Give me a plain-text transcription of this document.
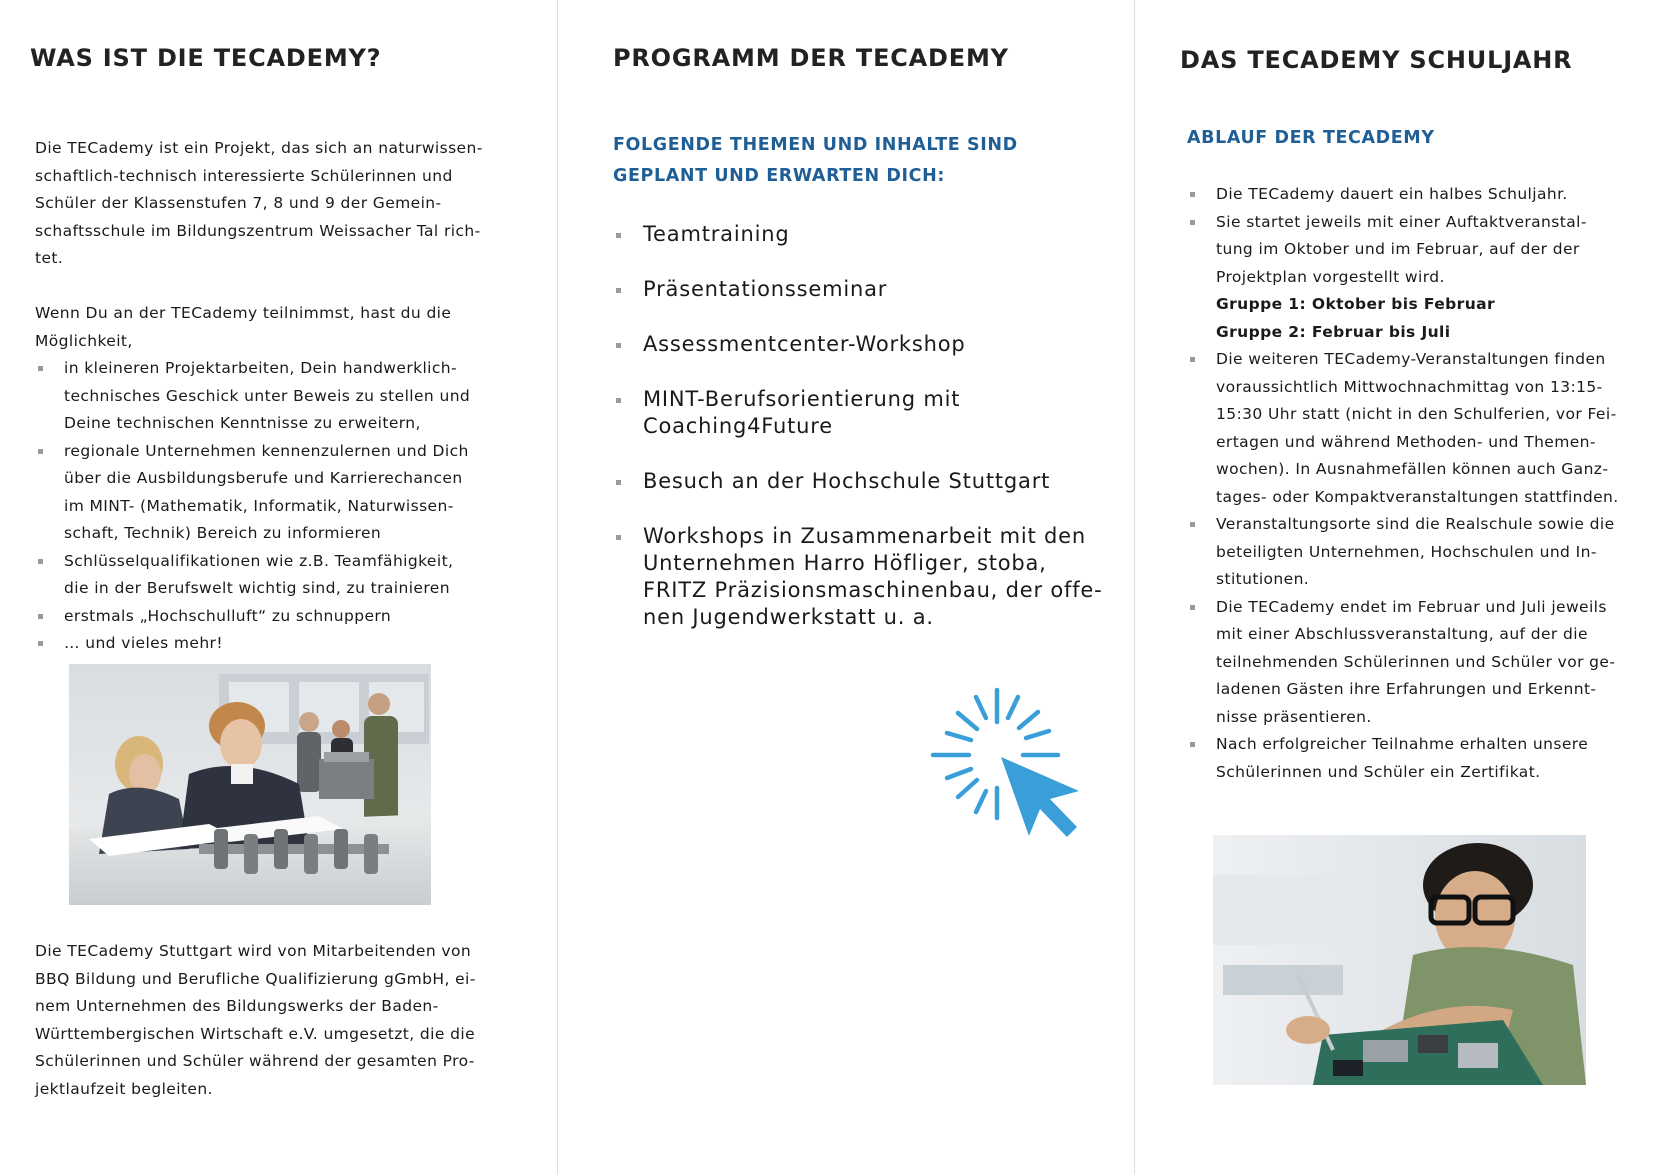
WAS IST DIE TECADEMY?
Die TECademy ist ein Projekt, das sich an naturwissen-
schaftlich-technisch interessierte Schülerinnen und
Schüler der Klassenstufen 7, 8 und 9 der Gemein-
schaftsschule im Bildungszentrum Weissacher Tal rich-
tet.
Wenn Du an der TECademy teilnimmst, hast du die
Möglichkeit,
in kleineren Projektarbeiten, Dein handwerklich-
technisches Geschick unter Beweis zu stellen und
Deine technischen Kenntnisse zu erweitern,
regionale Unternehmen kennenzulernen und Dich
über die Ausbildungsberufe und Karrierechancen
im MINT- (Mathematik, Informatik, Naturwissen-
schaft, Technik) Bereich zu informieren
Schlüsselqualifikationen wie z.B. Teamfähigkeit,
die in der Berufswelt wichtig sind, zu trainieren
erstmals „Hochschulluft“ zu schnuppern
… und vieles mehr!
Die TECademy Stuttgart wird von Mitarbeitenden von
BBQ Bildung und Berufliche Qualifizierung gGmbH, ei-
nem Unternehmen des Bildungswerks der Baden-
Württembergischen Wirtschaft e.V. umgesetzt, die die
Schülerinnen und Schüler während der gesamten Pro-
jektlaufzeit begleiten.
PROGRAMM DER TECADEMY
FOLGENDE THEMEN UND INHALTE SIND
GEPLANT UND ERWARTEN DICH:
Teamtraining
Präsentationsseminar
Assessmentcenter-Workshop
MINT-Berufsorientierung mit
Coaching4Future
Besuch an der Hochschule Stuttgart
Workshops in Zusammenarbeit mit den
Unternehmen Harro Höfliger, stoba,
FRITZ Präzisionsmaschinenbau, der offe-
nen Jugendwerkstatt u. a.
DAS TECADEMY SCHULJAHR
ABLAUF DER TECADEMY
Die TECademy dauert ein halbes Schuljahr.
Sie startet jeweils mit einer Auftaktveranstal-
tung im Oktober und im Februar, auf der der
Projektplan vorgestellt wird.
Gruppe 1: Oktober bis Februar
Gruppe 2: Februar bis Juli
Die weiteren TECademy-Veranstaltungen finden
voraussichtlich Mittwochnachmittag von 13:15-
15:30 Uhr statt (nicht in den Schulferien, vor Fei-
ertagen und während Methoden- und Themen-
wochen). In Ausnahmefällen können auch Ganz-
tages- oder Kompaktveranstaltungen stattfinden.
Veranstaltungsorte sind die Realschule sowie die
beteiligten Unternehmen, Hochschulen und In-
stitutionen.
Die TECademy endet im Februar und Juli jeweils
mit einer Abschlussveranstaltung, auf der die
teilnehmenden Schülerinnen und Schüler vor ge-
ladenen Gästen ihre Erfahrungen und Erkennt-
nisse präsentieren.
Nach erfolgreicher Teilnahme erhalten unsere
Schülerinnen und Schüler ein Zertifikat.
